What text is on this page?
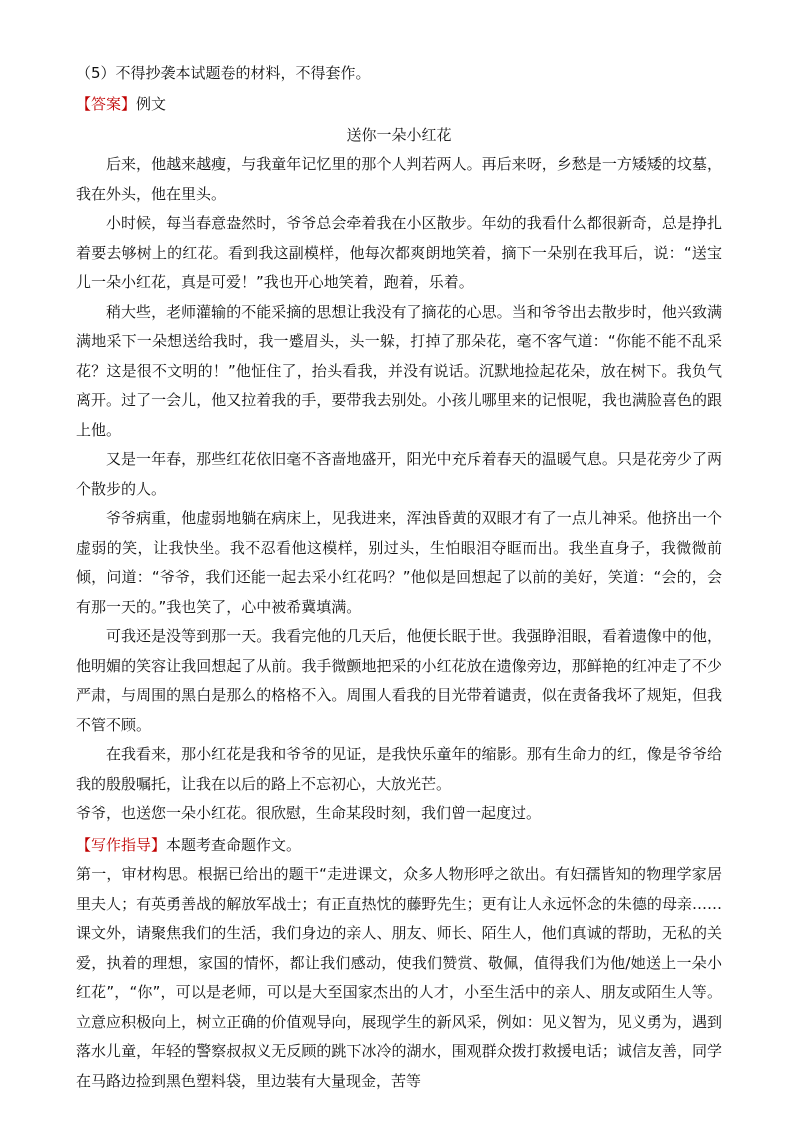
（5）不得抄袭本试题卷的材料，不得套作。
【答案】例文
送你一朵小红花

后来，他越来越瘦，与我童年记忆里的那个人判若两人。再后来呀，乡愁是一方矮矮的坟墓，我在外头，他在里头。

小时候，每当春意盎然时，爷爷总会牵着我在小区散步。年幼的我看什么都很新奇，总是挣扎着要去够树上的红花。看到我这副模样，他每次都爽朗地笑着，摘下一朵别在我耳后，说：“送宝儿一朵小红花，真是可爱！”我也开心地笑着，跑着，乐着。

稍大些，老师灌输的不能采摘的思想让我没有了摘花的心思。当和爷爷出去散步时，他兴致满满地采下一朵想送给我时，我一蹙眉头，头一躲，打掉了那朵花，毫不客气道：“你能不能不乱采花？这是很不文明的！”他怔住了，抬头看我，并没有说话。沉默地捡起花朵，放在树下。我负气离开。过了一会儿，他又拉着我的手，要带我去别处。小孩儿哪里来的记恨呢，我也满脸喜色的跟上他。

又是一年春，那些红花依旧毫不吝啬地盛开，阳光中充斥着春天的温暖气息。只是花旁少了两个散步的人。

爷爷病重，他虚弱地躺在病床上，见我进来，浑浊昏黄的双眼才有了一点儿神采。他挤出一个虚弱的笑，让我快坐。我不忍看他这模样，别过头，生怕眼泪夺眶而出。我坐直身子，我微微前倾，问道：“爷爷，我们还能一起去采小红花吗？”他似是回想起了以前的美好，笑道：“会的，会有那一天的。”我也笑了，心中被希冀填满。

可我还是没等到那一天。我看完他的几天后，他便长眠于世。我强睁泪眼，看着遗像中的他，他明媚的笑容让我回想起了从前。我手微颤地把采的小红花放在遗像旁边，那鲜艳的红冲走了不少严肃，与周围的黑白是那么的格格不入。周围人看我的目光带着谴责，似在责备我坏了规矩，但我不管不顾。

在我看来，那小红花是我和爷爷的见证，是我快乐童年的缩影。那有生命力的红，像是爷爷给我的殷殷嘱托，让我在以后的路上不忘初心，大放光芒。

爷爷，也送您一朵小红花。很欣慰，生命某段时刻，我们曾一起度过。

【写作指导】本题考查命题作文。

第一，审材构思。根据已给出的题干“走进课文，众多人物形呼之欲出。有妇孺皆知的物理学家居里夫人；有英勇善战的解放军战士；有正直热忱的藤野先生；更有让人永远怀念的朱德的母亲……课文外，请聚焦我们的生活，我们身边的亲人、朋友、师长、陌生人，他们真诚的帮助，无私的关爱，执着的理想，家国的情怀，都让我们感动，使我们赞赏、敬佩，值得我们为他/她送上一朵小红花”，“你”，可以是老师，可以是大至国家杰出的人才，小至生活中的亲人、朋友或陌生人等。立意应积极向上，树立正确的价值观导向，展现学生的新风采，例如：见义智为，见义勇为，遇到落水儿童，年轻的警察叔叔义无反顾的跳下冰冷的湖水，围观群众拨打救援电话；诚信友善，同学在马路边捡到黑色塑料袋，里边装有大量现金，苦等
